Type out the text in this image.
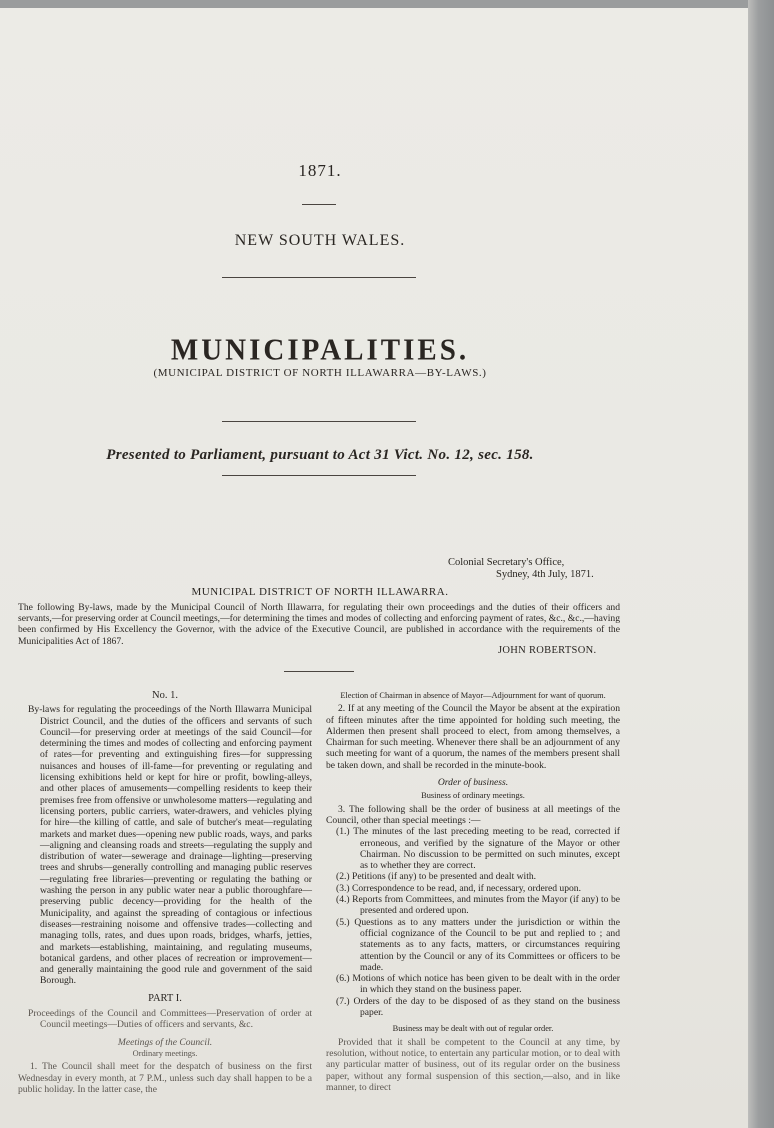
1871.
NEW SOUTH WALES.
MUNICIPALITIES.
(MUNICIPAL DISTRICT OF NORTH ILLAWARRA—BY-LAWS.)
Presented to Parliament, pursuant to Act 31 Vict. No. 12, sec. 158.
Colonial Secretary's Office,
Sydney, 4th July, 1871.
MUNICIPAL DISTRICT OF NORTH ILLAWARRA.
The following By-laws, made by the Municipal Council of North Illawarra, for regulating their own proceedings and the duties of their officers and servants,—for preserving order at Council meetings,—for determining the times and modes of collecting and enforcing payment of rates, &c., &c.,—having been confirmed by His Excellency the Governor, with the advice of the Executive Council, are published in accordance with the requirements of the Municipalities Act of 1867.
JOHN ROBERTSON.

No. 1.

By-laws for regulating the proceedings of the North Illawarra Municipal District Council, and the duties of the officers and servants of such Council—for preserving order at meetings of the said Council—for determining the times and modes of collecting and enforcing payment of rates—for preventing and extinguishing fires—for suppressing nuisances and houses of ill-fame—for preventing or regulating and licensing exhibitions held or kept for hire or profit, bowling-alleys, and other places of amusements—compelling residents to keep their premises free from offensive or unwholesome matters—regulating and licensing porters, public carriers, water-drawers, and vehicles plying for hire—the killing of cattle, and sale of butcher's meat—regulating markets and market dues—opening new public roads, ways, and parks—aligning and cleansing roads and streets—regulating the supply and distribution of water—sewerage and drainage—lighting—preserving trees and shrubs—generally controlling and managing public reserves—regulating free libraries—preventing or regulating the bathing or washing the person in any public water near a public thoroughfare—preserving public decency—providing for the health of the Municipality, and against the spreading of contagious or infectious diseases—restraining noisome and offensive trades—collecting and managing tolls, rates, and dues upon roads, bridges, wharfs, jetties, and markets—establishing, maintaining, and regulating museums, botanical gardens, and other places of recreation or improvement—and generally maintaining the good rule and government of the said Borough.

PART I.

Proceedings of the Council and Committees—Preservation of order at Council meetings—Duties of officers and servants, &c.

Meetings of the Council.

Ordinary meetings.

1. The Council shall meet for the despatch of business on the first Wednesday in every month, at 7 P.M., unless such day shall happen to be a public holiday. In the latter case, the

Election of Chairman in absence of Mayor—Adjournment for want of quorum.

2. If at any meeting of the Council the Mayor be absent at the expiration of fifteen minutes after the time appointed for holding such meeting, the Aldermen then present shall proceed to elect, from among themselves, a Chairman for such meeting. Whenever there shall be an adjournment of any such meeting for want of a quorum, the names of the members present shall be taken down, and shall be recorded in the minute-book.

Order of business.

Business of ordinary meetings.

3. The following shall be the order of business at all meetings of the Council, other than special meetings :—

(1.) The minutes of the last preceding meeting to be read, corrected if erroneous, and verified by the signature of the Mayor or other Chairman. No discussion to be permitted on such minutes, except as to whether they are correct.

(2.) Petitions (if any) to be presented and dealt with.

(3.) Correspondence to be read, and, if necessary, ordered upon.

(4.) Reports from Committees, and minutes from the Mayor (if any) to be presented and ordered upon.

(5.) Questions as to any matters under the jurisdiction or within the official cognizance of the Council to be put and replied to ; and statements as to any facts, matters, or circumstances requiring attention by the Council or any of its Committees or officers to be made.

(6.) Motions of which notice has been given to be dealt with in the order in which they stand on the business paper.

(7.) Orders of the day to be disposed of as they stand on the business paper.

Business may be dealt with out of regular order.

Provided that it shall be competent to the Council at any time, by resolution, without notice, to entertain any particular motion, or to deal with any particular matter of business, out of its regular order on the business paper, without any formal suspension of this section,—also, and in like manner, to direct
